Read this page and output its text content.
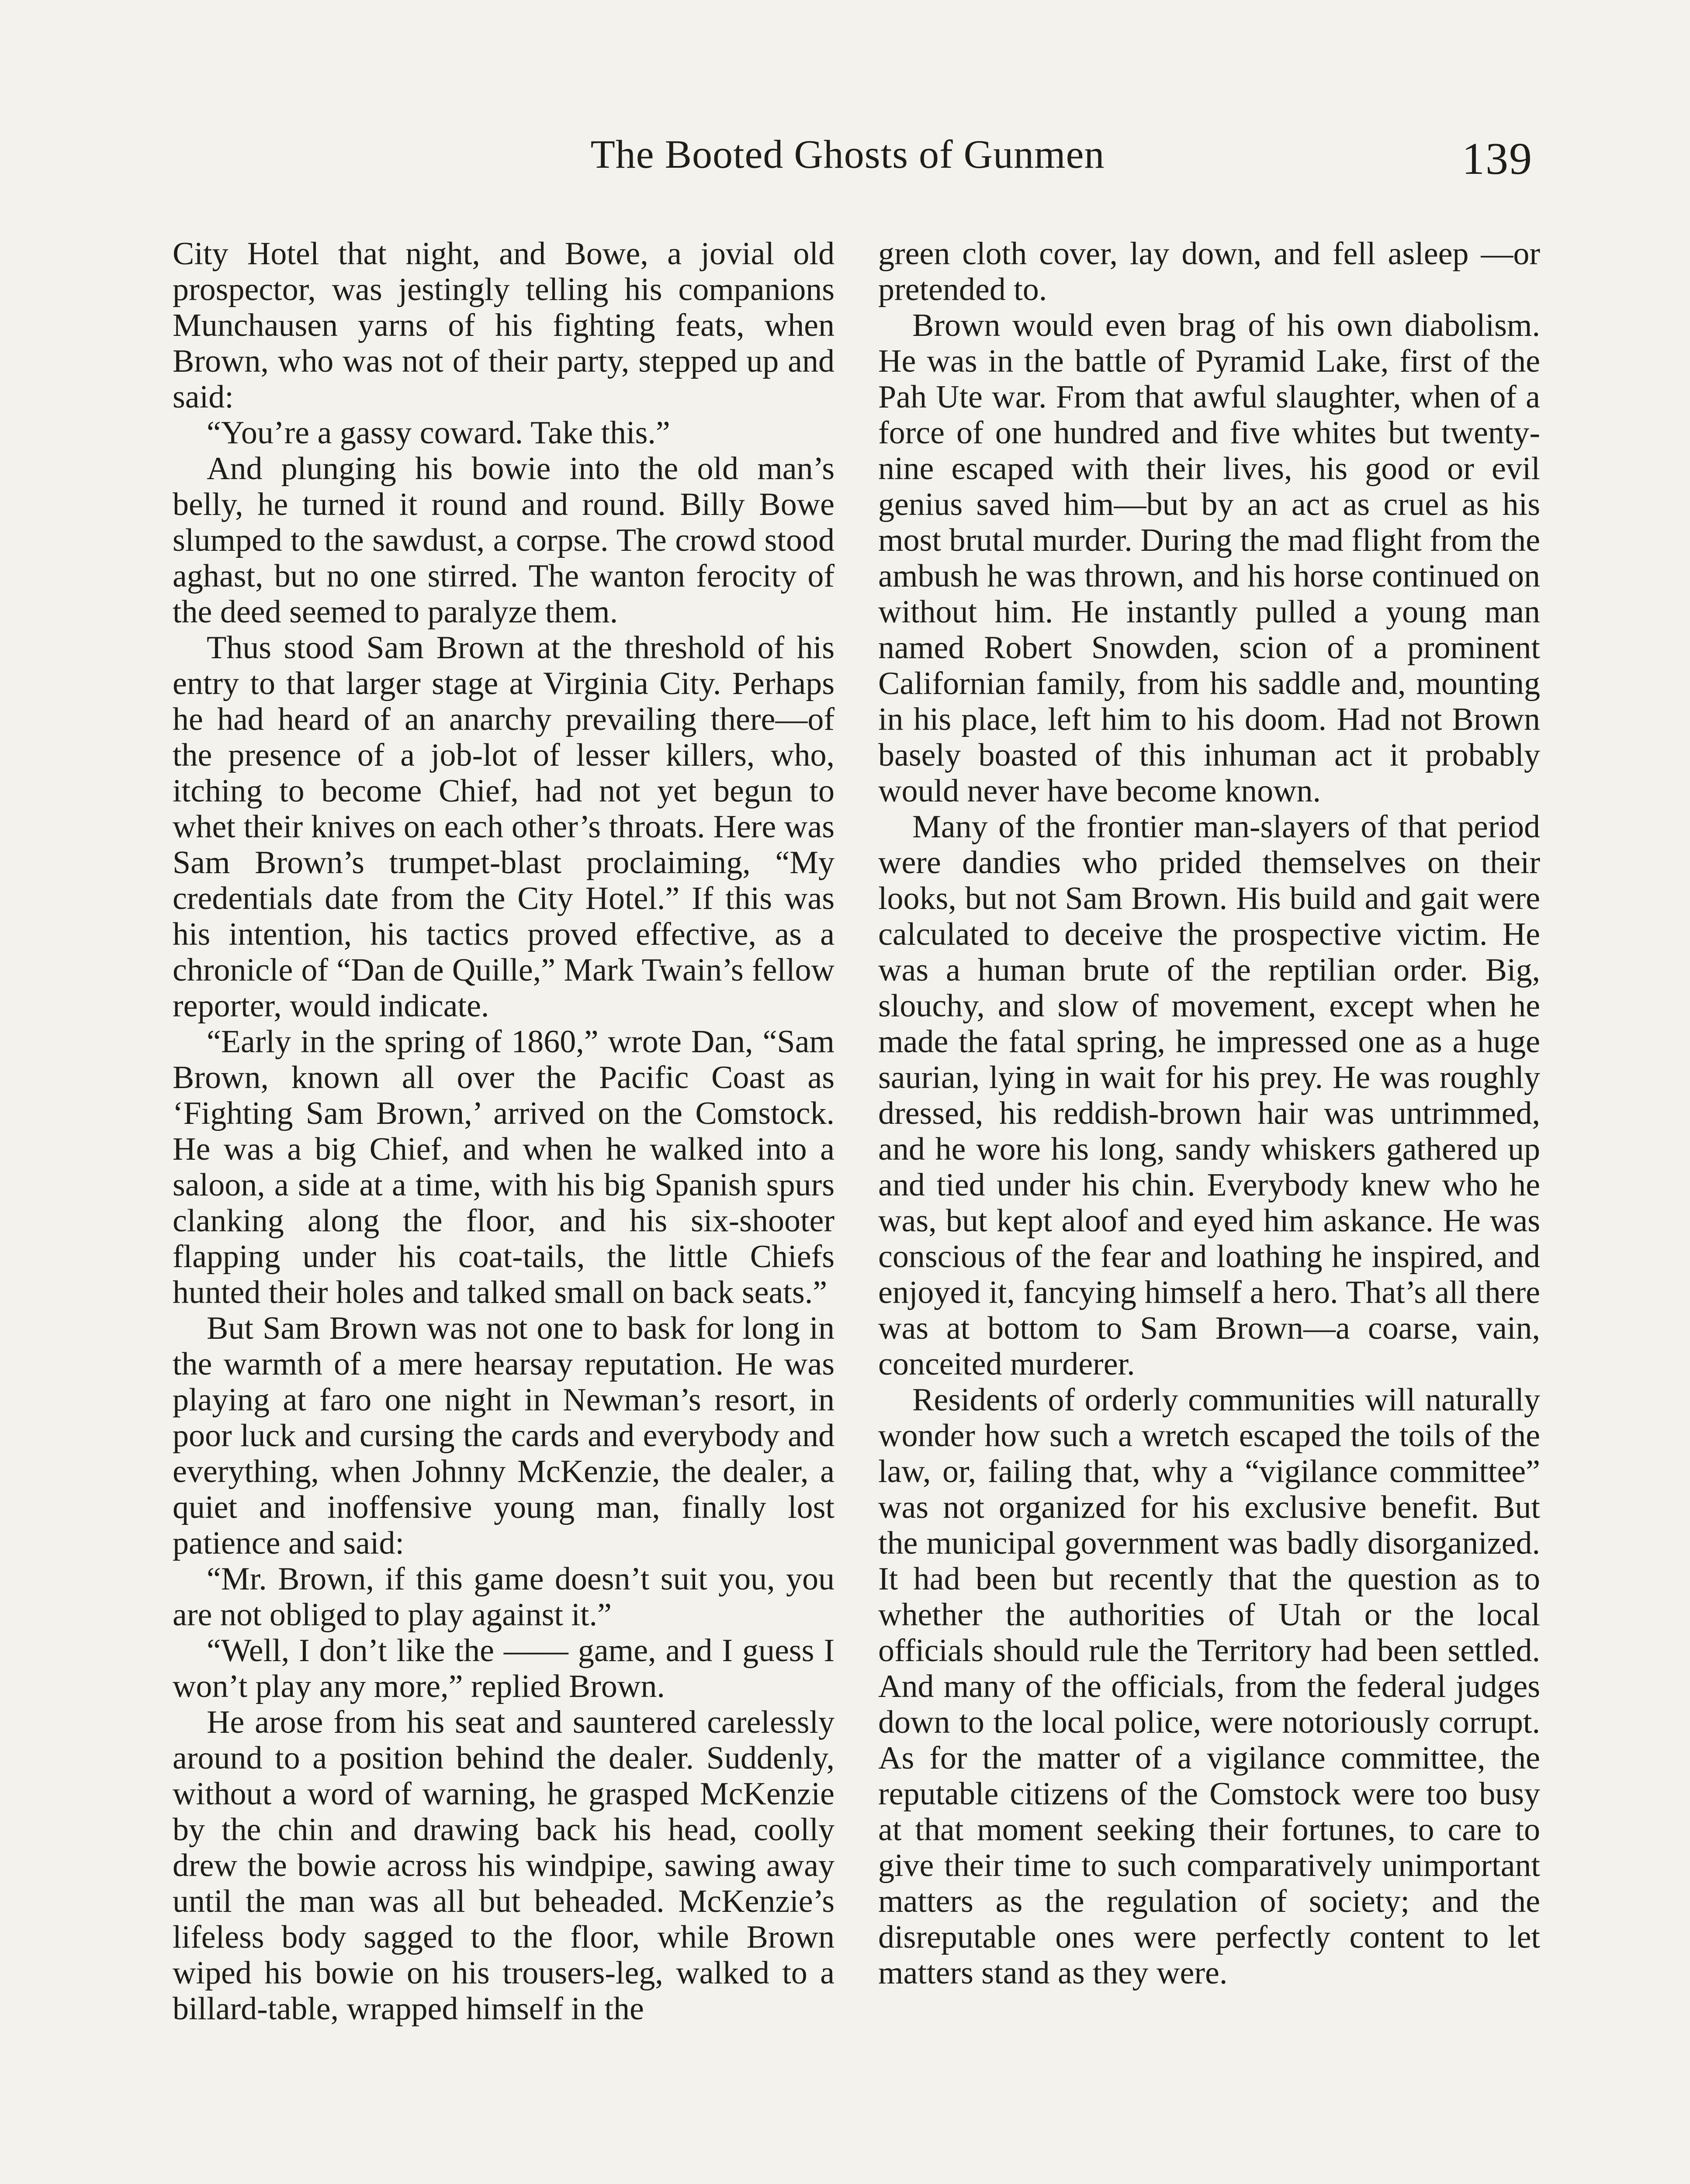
The Booted Ghosts of Gunmen	139

City Hotel that night, and Bowe, a jovial old prospector, was jestingly telling his companions Munchausen yarns of his fighting feats, when Brown, who was not of their party, stepped up and said:

“You’re a gassy coward. Take this.”

And plunging his bowie into the old man’s belly, he turned it round and round. Billy Bowe slumped to the sawdust, a corpse. The crowd stood aghast, but no one stirred. The wanton ferocity of the deed seemed to paralyze them.

Thus stood Sam Brown at the threshold of his entry to that larger stage at Virginia City. Perhaps he had heard of an anarchy prevailing there—of the presence of a job-lot of lesser killers, who, itching to become Chief, had not yet begun to whet their knives on each other’s throats. Here was Sam Brown’s trumpet-blast proclaiming, “My credentials date from the City Hotel.” If this was his intention, his tactics proved effective, as a chronicle of “Dan de Quille,” Mark Twain’s fellow reporter, would indicate.

“Early in the spring of 1860,” wrote Dan, “Sam Brown, known all over the Pacific Coast as ‘Fighting Sam Brown,’ arrived on the Comstock. He was a big Chief, and when he walked into a saloon, a side at a time, with his big Spanish spurs clanking along the floor, and his six-shooter flapping under his coat-tails, the little Chiefs hunted their holes and talked small on back seats.”

But Sam Brown was not one to bask for long in the warmth of a mere hearsay reputation. He was playing at faro one night in Newman’s resort, in poor luck and cursing the cards and everybody and everything, when Johnny McKenzie, the dealer, a quiet and inoffensive young man, finally lost patience and said:

“Mr. Brown, if this game doesn’t suit you, you are not obliged to play against it.”

“Well, I don’t like the —— game, and I guess I won’t play any more,” replied Brown.

He arose from his seat and sauntered carelessly around to a position behind the dealer. Suddenly, without a word of warning, he grasped McKenzie by the chin and drawing back his head, coolly drew the bowie across his windpipe, sawing away until the man was all but beheaded. McKenzie’s lifeless body sagged to the floor, while Brown wiped his bowie on his trousers-leg, walked to a billard-table, wrapped himself in the

green cloth cover, lay down, and fell asleep —or pretended to.

Brown would even brag of his own diabolism. He was in the battle of Pyramid Lake, first of the Pah Ute war. From that awful slaughter, when of a force of one hundred and five whites but twenty-nine escaped with their lives, his good or evil genius saved him—but by an act as cruel as his most brutal murder. During the mad flight from the ambush he was thrown, and his horse continued on without him. He instantly pulled a young man named Robert Snowden, scion of a prominent Californian family, from his saddle and, mounting in his place, left him to his doom. Had not Brown basely boasted of this inhuman act it probably would never have become known.

Many of the frontier man-slayers of that period were dandies who prided themselves on their looks, but not Sam Brown. His build and gait were calculated to deceive the prospective victim. He was a human brute of the reptilian order. Big, slouchy, and slow of movement, except when he made the fatal spring, he impressed one as a huge saurian, lying in wait for his prey. He was roughly dressed, his reddish-brown hair was untrimmed, and he wore his long, sandy whiskers gathered up and tied under his chin. Everybody knew who he was, but kept aloof and eyed him askance. He was conscious of the fear and loathing he inspired, and enjoyed it, fancying himself a hero. That’s all there was at bottom to Sam Brown—a coarse, vain, conceited murderer.

Residents of orderly communities will naturally wonder how such a wretch escaped the toils of the law, or, failing that, why a “vigilance committee” was not organized for his exclusive benefit. But the municipal government was badly disorganized. It had been but recently that the question as to whether the authorities of Utah or the local officials should rule the Territory had been settled. And many of the officials, from the federal judges down to the local police, were notoriously corrupt. As for the matter of a vigilance committee, the reputable citizens of the Comstock were too busy at that moment seeking their fortunes, to care to give their time to such comparatively unimportant matters as the regulation of society; and the disreputable ones were perfectly content to let matters stand as they were.
